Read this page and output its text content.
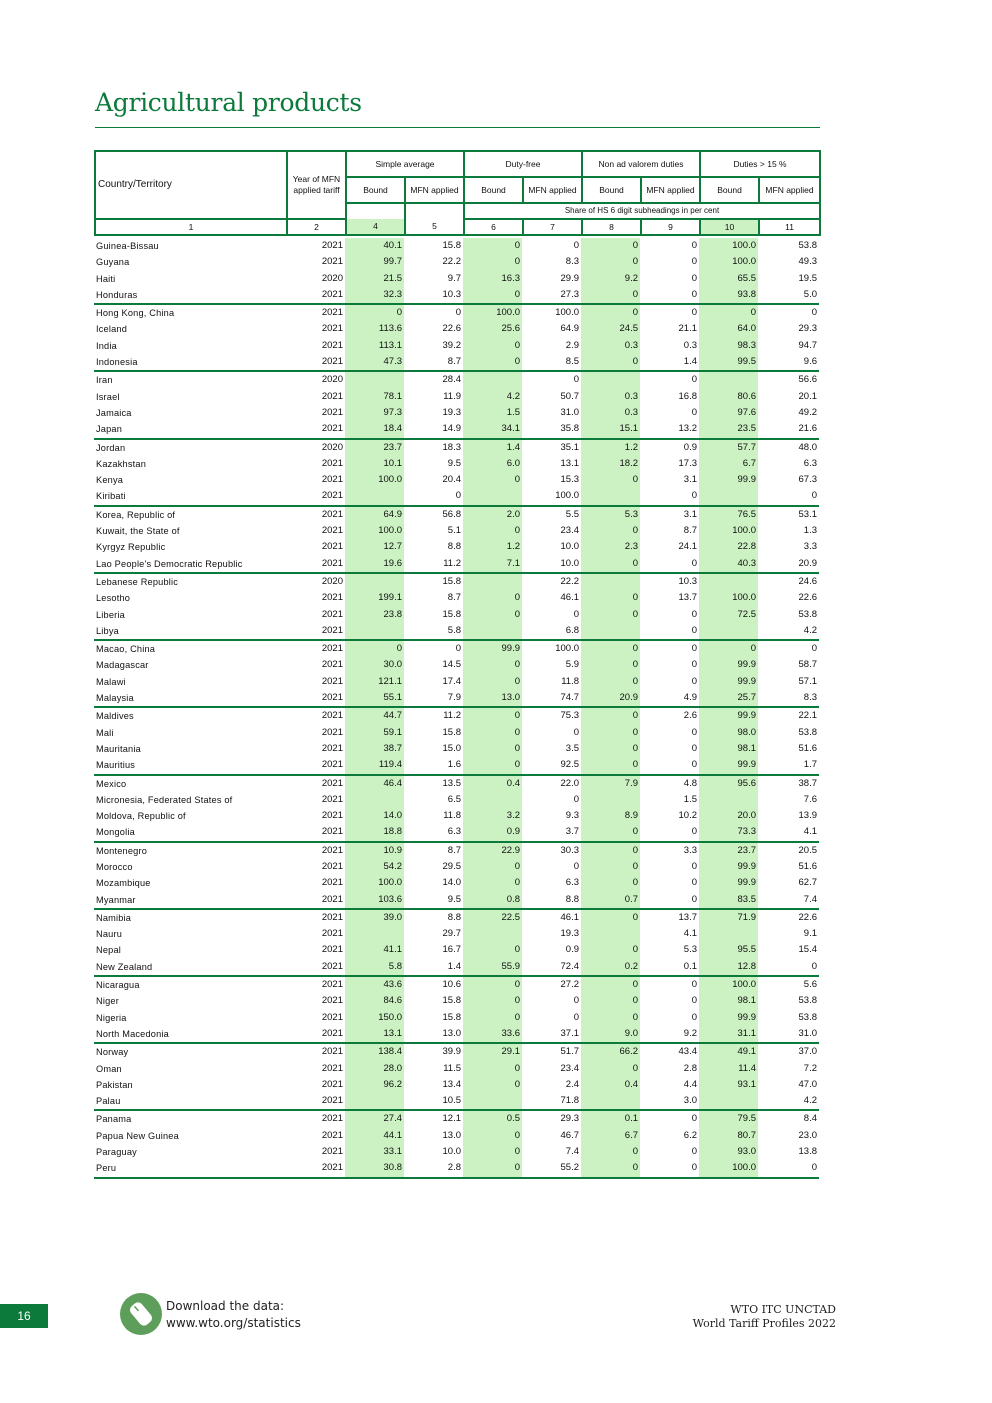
Agricultural products
Country/Territory	Year of MFN applied tariff	Simple average		Duty-free		Non ad valorem duties		Duties > 15 %	
		Bound	MFN applied	Bound	MFN applied	Bound	MFN applied	Bound	MFN applied
				Share of HS 6 digit subheadings in per cent					
1	2	4	5	6	7	8	9	10	11
Guinea-Bissau	2021	40.1	15.8	0	0	0	0	100.0	53.8
Guyana	2021	99.7	22.2	0	8.3	0	0	100.0	49.3
Haiti	2020	21.5	9.7	16.3	29.9	9.2	0	65.5	19.5
Honduras	2021	32.3	10.3	0	27.3	0	0	93.8	5.0
Hong Kong, China	2021	0	0	100.0	100.0	0	0	0	0
Iceland	2021	113.6	22.6	25.6	64.9	24.5	21.1	64.0	29.3
India	2021	113.1	39.2	0	2.9	0.3	0.3	98.3	94.7
Indonesia	2021	47.3	8.7	0	8.5	0	1.4	99.5	9.6
Iran	2020		28.4		0		0		56.6
Israel	2021	78.1	11.9	4.2	50.7	0.3	16.8	80.6	20.1
Jamaica	2021	97.3	19.3	1.5	31.0	0.3	0	97.6	49.2
Japan	2021	18.4	14.9	34.1	35.8	15.1	13.2	23.5	21.6
Jordan	2020	23.7	18.3	1.4	35.1	1.2	0.9	57.7	48.0
Kazakhstan	2021	10.1	9.5	6.0	13.1	18.2	17.3	6.7	6.3
Kenya	2021	100.0	20.4	0	15.3	0	3.1	99.9	67.3
Kiribati	2021		0		100.0		0		0
Korea, Republic of	2021	64.9	56.8	2.0	5.5	5.3	3.1	76.5	53.1
Kuwait, the State of	2021	100.0	5.1	0	23.4	0	8.7	100.0	1.3
Kyrgyz Republic	2021	12.7	8.8	1.2	10.0	2.3	24.1	22.8	3.3
Lao People's Democratic Republic	2021	19.6	11.2	7.1	10.0	0	0	40.3	20.9
Lebanese Republic	2020		15.8		22.2		10.3		24.6
Lesotho	2021	199.1	8.7	0	46.1	0	13.7	100.0	22.6
Liberia	2021	23.8	15.8	0	0	0	0	72.5	53.8
Libya	2021		5.8		6.8		0		4.2
Macao, China	2021	0	0	99.9	100.0	0	0	0	0
Madagascar	2021	30.0	14.5	0	5.9	0	0	99.9	58.7
Malawi	2021	121.1	17.4	0	11.8	0	0	99.9	57.1
Malaysia	2021	55.1	7.9	13.0	74.7	20.9	4.9	25.7	8.3
Maldives	2021	44.7	11.2	0	75.3	0	2.6	99.9	22.1
Mali	2021	59.1	15.8	0	0	0	0	98.0	53.8
Mauritania	2021	38.7	15.0	0	3.5	0	0	98.1	51.6
Mauritius	2021	119.4	1.6	0	92.5	0	0	99.9	1.7
Mexico	2021	46.4	13.5	0.4	22.0	7.9	4.8	95.6	38.7
Micronesia, Federated States of	2021		6.5		0		1.5		7.6
Moldova, Republic of	2021	14.0	11.8	3.2	9.3	8.9	10.2	20.0	13.9
Mongolia	2021	18.8	6.3	0.9	3.7	0	0	73.3	4.1
Montenegro	2021	10.9	8.7	22.9	30.3	0	3.3	23.7	20.5
Morocco	2021	54.2	29.5	0	0	0	0	99.9	51.6
Mozambique	2021	100.0	14.0	0	6.3	0	0	99.9	62.7
Myanmar	2021	103.6	9.5	0.8	8.8	0.7	0	83.5	7.4
Namibia	2021	39.0	8.8	22.5	46.1	0	13.7	71.9	22.6
Nauru	2021		29.7		19.3		4.1		9.1
Nepal	2021	41.1	16.7	0	0.9	0	5.3	95.5	15.4
New Zealand	2021	5.8	1.4	55.9	72.4	0.2	0.1	12.8	0
Nicaragua	2021	43.6	10.6	0	27.2	0	0	100.0	5.6
Niger	2021	84.6	15.8	0	0	0	0	98.1	53.8
Nigeria	2021	150.0	15.8	0	0	0	0	99.9	53.8
North Macedonia	2021	13.1	13.0	33.6	37.1	9.0	9.2	31.1	31.0
Norway	2021	138.4	39.9	29.1	51.7	66.2	43.4	49.1	37.0
Oman	2021	28.0	11.5	0	23.4	0	2.8	11.4	7.2
Pakistan	2021	96.2	13.4	0	2.4	0.4	4.4	93.1	47.0
Palau	2021		10.5		71.8		3.0		4.2
Panama	2021	27.4	12.1	0.5	29.3	0.1	0	79.5	8.4
Papua New Guinea	2021	44.1	13.0	0	46.7	6.7	6.2	80.7	23.0
Paraguay	2021	33.1	10.0	0	7.4	0	0	93.0	13.8
Peru	2021	30.8	2.8	0	55.2	0	0	100.0	0
16
Download the data:
www.wto.org/statistics
WTO ITC UNCTAD
World Tariff Profiles 2022
